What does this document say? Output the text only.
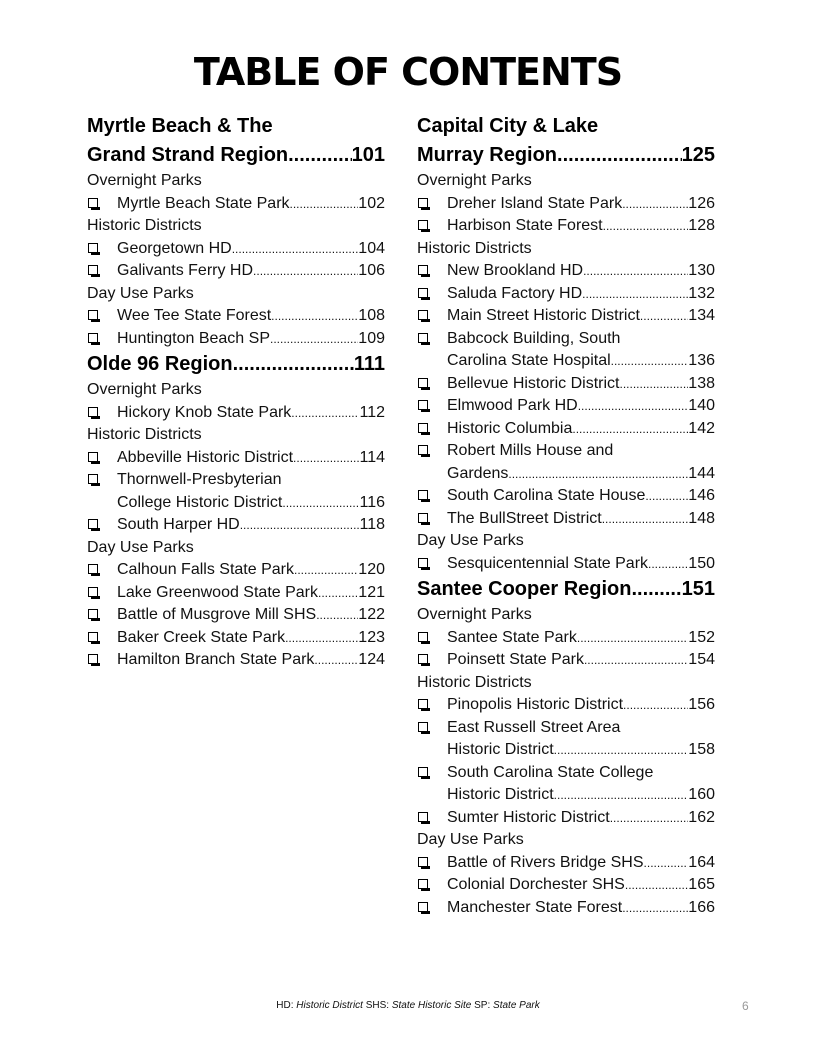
TABLE OF CONTENTS
Myrtle Beach & The
Grand Strand Region .....	101
Overnight Parks
Myrtle Beach State Park .....	102
Historic Districts
Georgetown HD .....	104
Galivants Ferry HD .....	106
Day Use Parks
Wee Tee State Forest .....	108
Huntington Beach SP .....	109
Olde 96 Region .....	111
Overnight Parks
Hickory Knob State Park .....	112
Historic Districts
Abbeville Historic District .....	114
Thornwell-Presbyterian
College Historic District .....	116
South Harper HD .....	118
Day Use Parks
Calhoun Falls State Park .....	120
Lake Greenwood State Park .....	121
Battle of Musgrove Mill SHS .....	122
Baker Creek State Park .....	123
Hamilton Branch State Park .....	124
Capital City & Lake
Murray Region .....	125
Overnight Parks
Dreher Island State Park .....	126
Harbison State Forest .....	128
Historic Districts
New Brookland HD .....	130
Saluda Factory HD .....	132
Main Street Historic District .....	134
Babcock Building, South
Carolina State Hospital .....	136
Bellevue Historic District .....	138
Elmwood Park HD .....	140
Historic Columbia .....	142
Robert Mills House and
Gardens .....	144
South Carolina State House .....	146
The BullStreet District .....	148
Day Use Parks
Sesquicentennial State Park .....	150
Santee Cooper Region .....	151
Overnight Parks
Santee State Park .....	152
Poinsett State Park .....	154
Historic Districts
Pinopolis Historic District .....	156
East Russell Street Area
Historic District .....	158
South Carolina State College
Historic District .....	160
Sumter Historic District .....	162
Day Use Parks
Battle of Rivers Bridge SHS .....	164
Colonial Dorchester SHS .....	165
Manchester State Forest .....	166
HD: Historic District SHS: State Historic Site SP: State Park	6
